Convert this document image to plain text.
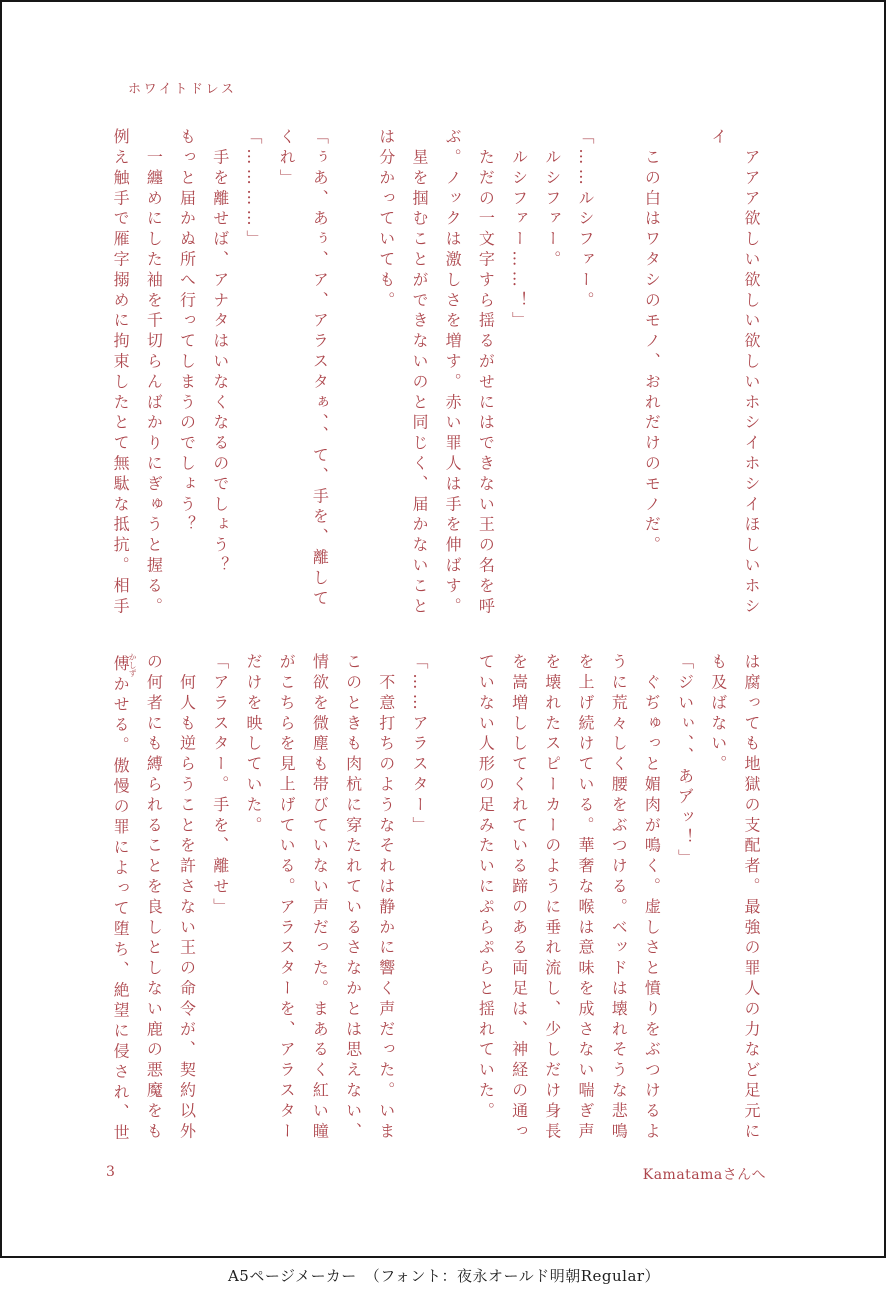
ホワイトドレス

　アアア欲しい欲しい欲しいホシイホシイほしいホシ

イ

　この白はワタシのモノ、おれだけのモノだ。

「……ルシファー。

　ルシファー。

　ルシファー……！」

　ただの一文字すら揺るがせにはできない王の名を呼

ぶ。ノックは激しさを増す。赤い罪人は手を伸ばす。

　星を掴むことができないのと同じく、届かないこと

は分かっていても。

「ぅあ、あぅ、ア、アラスタぁ、、て、手を、離して

くれ」

「…………」

　手を離せば、アナタはいなくなるのでしょう？

もっと届かぬ所へ行ってしまうのでしょう？

　一纏めにした袖を千切らんばかりにぎゅうと握る。

例え触手で雁字搦めに拘束したとて無駄な抵抗。相手

は腐っても地獄の支配者。最強の罪人の力など足元に

も及ばない。

「ジいぃ、、あア゙ッ！」

　ぐぢゅっと媚肉が鳴く。虚しさと憤りをぶつけるよ

うに荒々しく腰をぶつける。ベッドは壊れそうな悲鳴

を上げ続けている。華奢な喉は意味を成さない喘ぎ声

を壊れたスピーカーのように垂れ流し、少しだけ身長

を嵩増ししてくれている蹄のある両足は、神経の通っ

ていない人形の足みたいにぷらぷらと揺れていた。

「……アラスター」

　不意打ちのようなそれは静かに響く声だった。いま

このときも肉杭に穿たれているさなかとは思えない、

情欲を微塵も帯びていない声だった。まあるく紅い瞳

がこちらを見上げている。アラスターを、アラスター

だけを映していた。

「アラスター。手を、離せ」

　何人も逆らうことを許さない王の命令が、契約以外

の何者にも縛られることを良しとしない鹿の悪魔をも

傅かしずかせる。傲慢の罪によって堕ち、絶望に侵され、世

3	Kamatamaさんへ
A5ページメーカー　（フォント：夜永オールド明朝Regular）
